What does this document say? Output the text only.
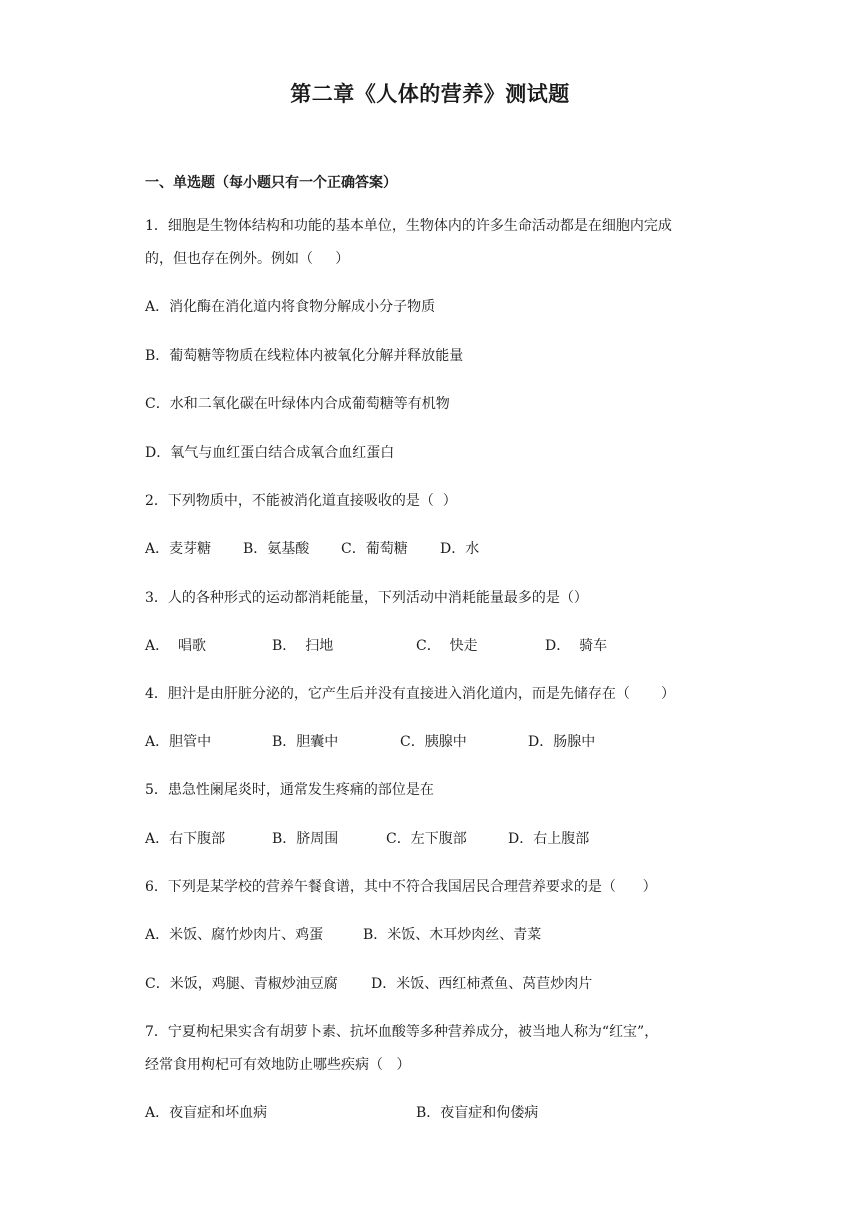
第二章《人体的营养》测试题
一、单选题（每小题只有一个正确答案）
1．细胞是生物体结构和功能的基本单位，生物体内的许多生命活动都是在细胞内完成
的，但也存在例外。例如（     ）
A．消化酶在消化道内将食物分解成小分子物质
B．葡萄糖等物质在线粒体内被氧化分解并释放能量
C．水和二氧化碳在叶绿体内合成葡萄糖等有机物
D．氧气与血红蛋白结合成氧合血红蛋白
2．下列物质中，不能被消化道直接吸收的是（  ）
A．麦芽糖 B．氨基酸 C．葡萄糖 D．水
3．人的各种形式的运动都消耗能量，下列活动中消耗能量最多的是（）
A．  唱歌	B．  扫地	C．  快走	D．  骑车
4．胆汁是由肝脏分泌的，它产生后并没有直接进入消化道内，而是先储存在（       ）
A．胆管中	B．胆囊中	C．胰腺中	D．肠腺中
5．患急性阑尾炎时，通常发生疼痛的部位是在
A．右下腹部	B．脐周围	C．左下腹部	D．右上腹部
6．下列是某学校的营养午餐食谱，其中不符合我国居民合理营养要求的是（      ）
A．米饭、腐竹炒肉片、鸡蛋	B．米饭、木耳炒肉丝、青菜
C．米饭，鸡腿、青椒炒油豆腐 D．米饭、西红柿煮鱼、莴苣炒肉片
7．宁夏枸杞果实含有胡萝卜素、抗坏血酸等多种营养成分，被当地人称为“红宝”，
经常食用枸杞可有效地防止哪些疾病（   ）
A．夜盲症和坏血病	B．夜盲症和佝偻病
